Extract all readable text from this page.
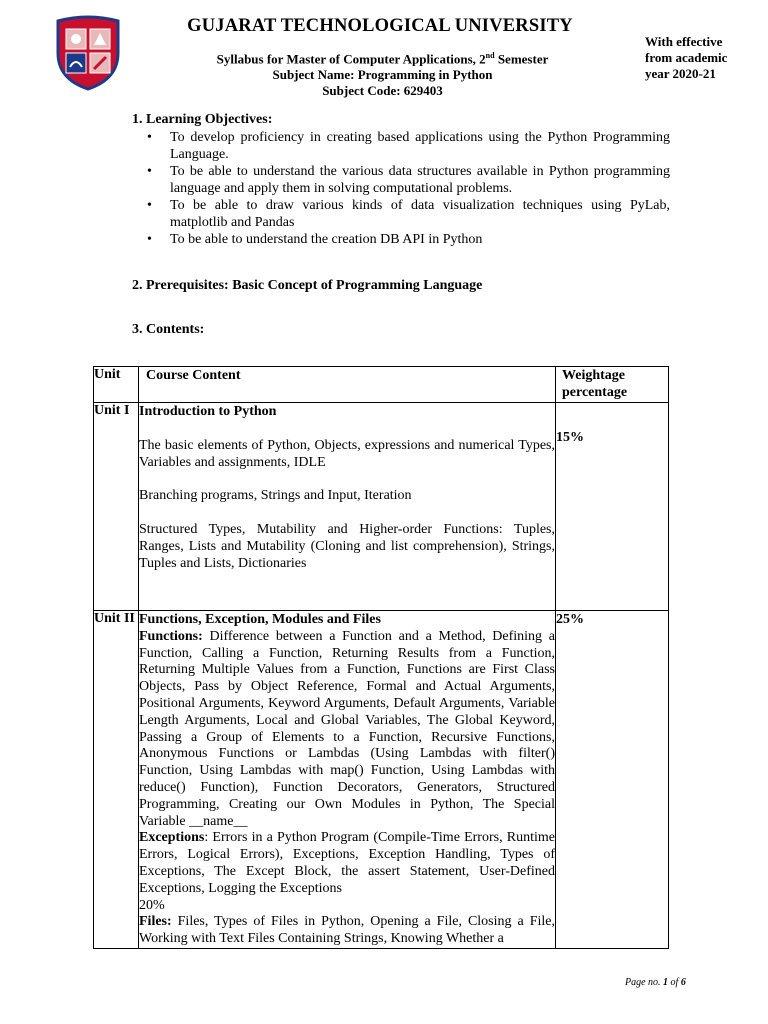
GUJARAT TECHNOLOGICAL UNIVERSITY
Syllabus for Master of Computer Applications, 2nd Semester
Subject Name: Programming in Python
Subject Code: 629403
With effective
from academic
year 2020-21
1. Learning Objectives:
• To develop proficiency in creating based applications using the Python Programming Language.
• To be able to understand the various data structures available in Python programming language and apply them in solving computational problems.
• To be able to draw various kinds of data visualization techniques using PyLab, matplotlib and Pandas
• To be able to understand the creation DB API in Python
2. Prerequisites: Basic Concept of Programming Language
3. Contents:
Unit	Course Content	Weightage percentage
Unit I	Introduction to Python

The basic elements of Python, Objects, expressions and numerical Types, Variables and assignments, IDLE

Branching programs, Strings and Input, Iteration

Structured Types, Mutability and Higher-order Functions: Tuples, Ranges, Lists and Mutability (Cloning and list comprehension), Strings, Tuples and Lists, Dictionaries	15%
Unit II	Functions, Exception, Modules and Files

Functions: Difference between a Function and a Method, Defining a Function, Calling a Function, Returning Results from a Function, Returning Multiple Values from a Function, Functions are First Class Objects, Pass by Object Reference, Formal and Actual Arguments, Positional Arguments, Keyword Arguments, Default Arguments, Variable Length Arguments, Local and Global Variables, The Global Keyword, Passing a Group of Elements to a Function, Recursive Functions, Anonymous Functions or Lambdas (Using Lambdas with filter() Function, Using Lambdas with map() Function, Using Lambdas with reduce() Function), Function Decorators, Generators, Structured Programming, Creating our Own Modules in Python, The Special Variable __name__

Exceptions: Errors in a Python Program (Compile-Time Errors, Runtime Errors, Logical Errors), Exceptions, Exception Handling, Types of Exceptions, The Except Block, the assert Statement, User-Defined Exceptions, Logging the Exceptions

20%

Files: Files, Types of Files in Python, Opening a File, Closing a File, Working with Text Files Containing Strings, Knowing Whether a	25%
Page no. 1 of 6
